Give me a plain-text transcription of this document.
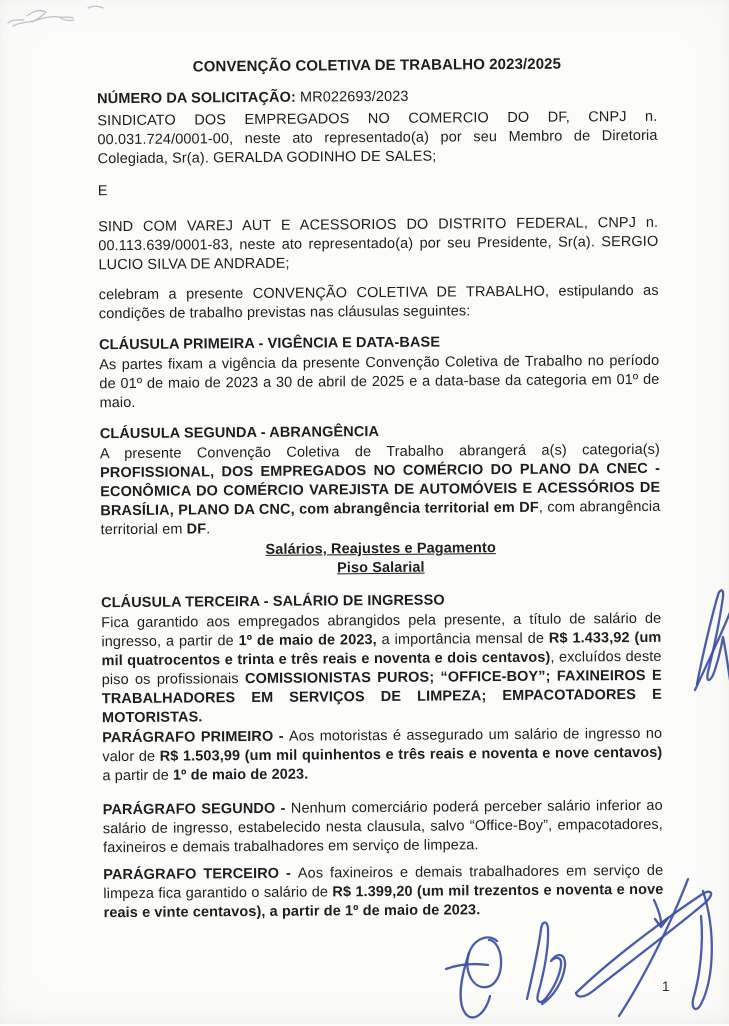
CONVENÇÃO COLETIVA DE TRABALHO 2023/2025
NÚMERO DA SOLICITAÇÃO: MR022693/2023
SINDICATO DOS EMPREGADOS NO COMERCIO DO DF, CNPJ n. 00.031.724/0001-00, neste ato representado(a) por seu Membro de Diretoria Colegiada, Sr(a). GERALDA GODINHO DE SALES;
E
SIND COM VAREJ AUT E ACESSORIOS DO DISTRITO FEDERAL, CNPJ n. 00.113.639/0001-83, neste ato representado(a) por seu Presidente, Sr(a). SERGIO LUCIO SILVA DE ANDRADE;
celebram a presente CONVENÇÃO COLETIVA DE TRABALHO, estipulando as condições de trabalho previstas nas cláusulas seguintes:
CLÁUSULA PRIMEIRA - VIGÊNCIA E DATA-BASE
As partes fixam a vigência da presente Convenção Coletiva de Trabalho no período de 01º de maio de 2023 a 30 de abril de 2025 e a data-base da categoria em 01º de maio.
CLÁUSULA SEGUNDA - ABRANGÊNCIA
A presente Convenção Coletiva de Trabalho abrangerá a(s) categoria(s) PROFISSIONAL, DOS EMPREGADOS NO COMÉRCIO DO PLANO DA CNEC - ECONÔMICA DO COMÉRCIO VAREJISTA DE AUTOMÓVEIS E ACESSÓRIOS DE BRASÍLIA, PLANO DA CNC, com abrangência territorial em DF, com abrangência territorial em DF.
Salários, Reajustes e Pagamento
Piso Salarial
CLÁUSULA TERCEIRA - SALÁRIO DE INGRESSO
Fica garantido aos empregados abrangidos pela presente, a título de salário de ingresso, a partir de 1º de maio de 2023, a importância mensal de R$ 1.433,92 (um mil quatrocentos e trinta e três reais e noventa e dois centavos), excluídos deste piso os profissionais COMISSIONISTAS PUROS; “OFFICE-BOY”; FAXINEIROS E TRABALHADORES EM SERVIÇOS DE LIMPEZA; EMPACOTADORES E MOTORISTAS.
PARÁGRAFO PRIMEIRO - Aos motoristas é assegurado um salário de ingresso no valor de R$ 1.503,99 (um mil quinhentos e três reais e noventa e nove centavos) a partir de 1º de maio de 2023.
PARÁGRAFO SEGUNDO - Nenhum comerciário poderá perceber salário inferior ao salário de ingresso, estabelecido nesta clausula, salvo “Office-Boy”, empacotadores, faxineiros e demais trabalhadores em serviço de limpeza.
PARÁGRAFO TERCEIRO - Aos faxineiros e demais trabalhadores em serviço de limpeza fica garantido o salário de R$ 1.399,20 (um mil trezentos e noventa e nove reais e vinte centavos), a partir de 1º de maio de 2023.
1
